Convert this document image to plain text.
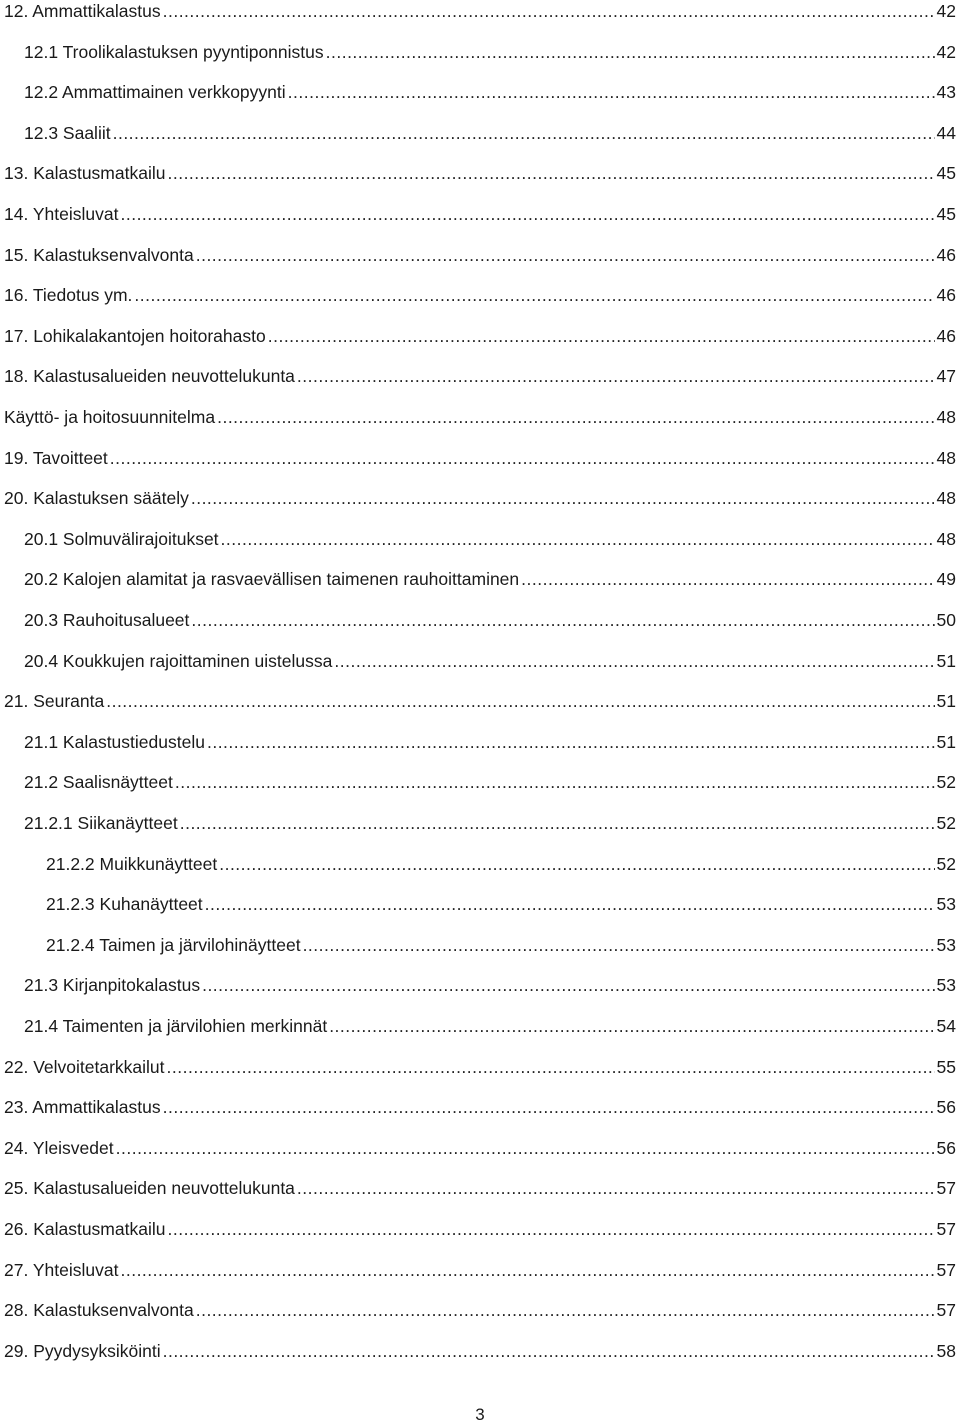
12. Ammattikalastus .....	42
12.1 Troolikalastuksen pyyntiponnistus .....	42
12.2 Ammattimainen verkkopyynti .....	43
12.3 Saaliit .....	44
13. Kalastusmatkailu .....	45
14. Yhteisluvat .....	45
15. Kalastuksenvalvonta .....	46
16. Tiedotus ym. .....	46
17. Lohikalakantojen hoitorahasto .....	46
18. Kalastusalueiden neuvottelukunta .....	47
Käyttö- ja hoitosuunnitelma .....	48
19. Tavoitteet .....	48
20. Kalastuksen säätely .....	48
20.1 Solmuvälirajoitukset .....	48
20.2 Kalojen alamitat ja rasvaevällisen taimenen rauhoittaminen .....	49
20.3 Rauhoitusalueet .....	50
20.4 Koukkujen rajoittaminen uistelussa .....	51
21. Seuranta .....	51
21.1 Kalastustiedustelu .....	51
21.2 Saalisnäytteet .....	52
21.2.1 Siikanäytteet .....	52
21.2.2 Muikkunäytteet .....	52
21.2.3 Kuhanäytteet .....	53
21.2.4 Taimen ja järvilohinäytteet .....	53
21.3 Kirjanpitokalastus .....	53
21.4 Taimenten ja järvilohien merkinnät .....	54
22. Velvoitetarkkailut .....	55
23. Ammattikalastus .....	56
24. Yleisvedet .....	56
25. Kalastusalueiden neuvottelukunta .....	57
26. Kalastusmatkailu .....	57
27. Yhteisluvat .....	57
28. Kalastuksenvalvonta .....	57
29. Pyydysyksiköinti .....	58
3
